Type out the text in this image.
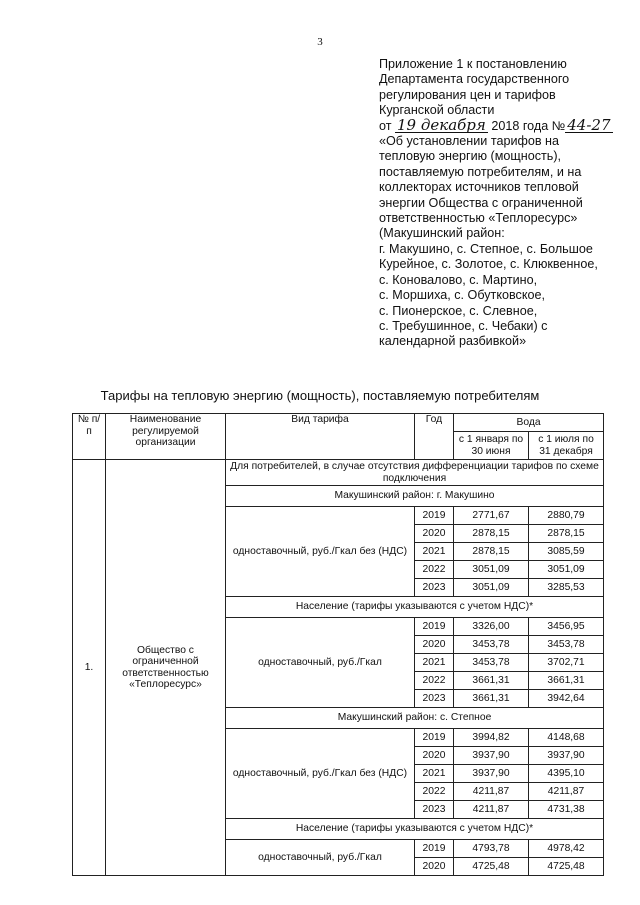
3
Приложение 1 к постановлению
Департамента государственного
регулирования цен и тарифов
Курганской области
от 19 декабря 2018 года № 44-27
«Об установлении тарифов на
тепловую энергию (мощность),
поставляемую потребителям, и на
коллекторах источников тепловой
энергии Общества с ограниченной
ответственностью «Теплоресурс»
(Макушинский район:
г. Макушино, с. Степное, с. Большое
Курейное, с. Золотое, с. Клюквенное,
с. Коновалово, с. Мартино,
с. Моршиха, с. Обутковское,
с. Пионерское, с. Слевное,
с. Требушинное, с. Чебаки) с
календарной разбивкой»
Тарифы на тепловую энергию (мощность), поставляемую потребителям
№ п/п	Наименование регулируемой организации	Вид тарифа	Год	Вода	
				с 1 января по 30 июня	с 1 июля по 31 декабря
1.	Общество с ограниченной ответственностью «Теплоресурс»	Для потребителей, в случае отсутствия дифференциации тарифов по схеме подключения			
		Макушинский район: г. Макушино			
		одноставочный, руб./Гкал без (НДС)	2019	2771,67	2880,79
			2020	2878,15	2878,15
			2021	2878,15	3085,59
			2022	3051,09	3051,09
			2023	3051,09	3285,53
		Население (тарифы указываются с учетом НДС)*			
		одноставочный, руб./Гкал	2019	3326,00	3456,95
			2020	3453,78	3453,78
			2021	3453,78	3702,71
			2022	3661,31	3661,31
			2023	3661,31	3942,64
		Макушинский район: с. Степное			
		одноставочный, руб./Гкал без (НДС)	2019	3994,82	4148,68
			2020	3937,90	3937,90
			2021	3937,90	4395,10
			2022	4211,87	4211,87
			2023	4211,87	4731,38
		Население (тарифы указываются с учетом НДС)*			
		одноставочный, руб./Гкал	2019	4793,78	4978,42
			2020	4725,48	4725,48
